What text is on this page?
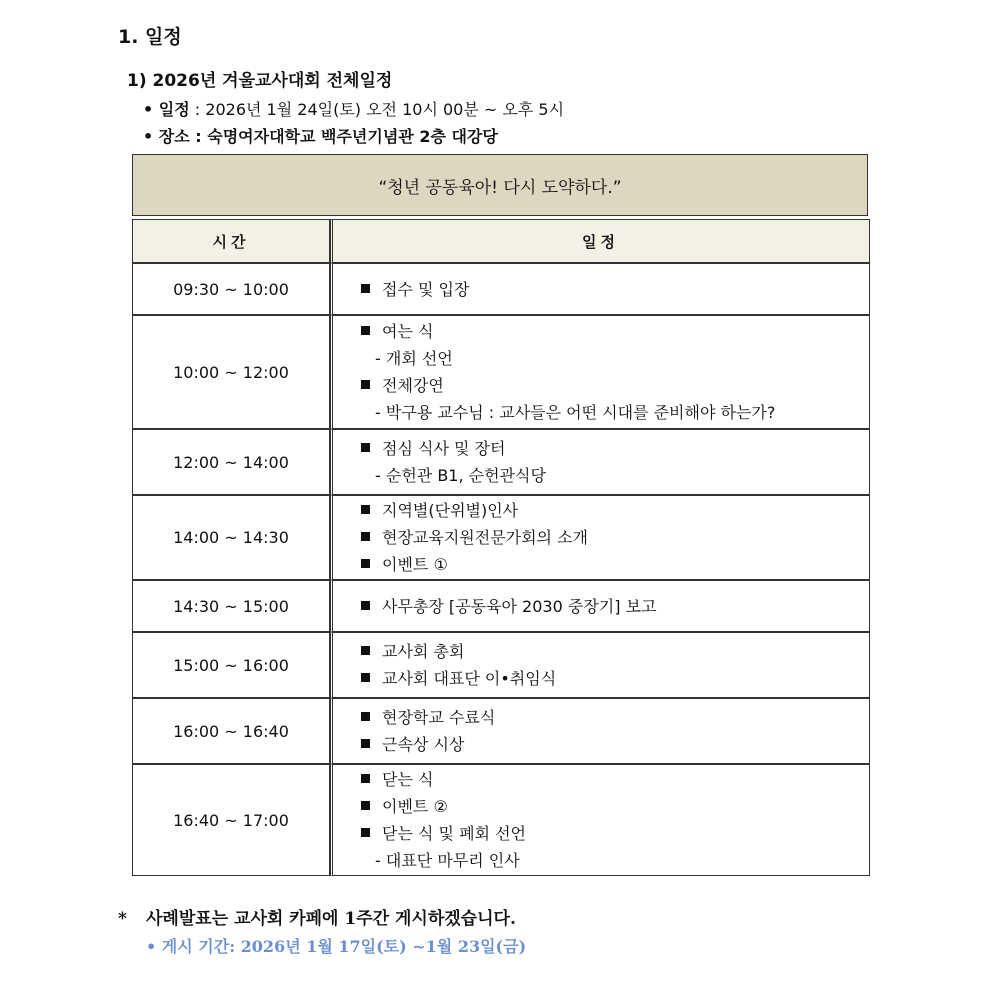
1. 일정
1) 2026년 겨울교사대회 전체일정
• 일정 : 2026년 1월 24일(토) 오전 10시 00분 ~ 오후 5시
• 장소 : 숙명여자대학교 백주년기념관 2층 대강당
“청년 공동육아! 다시 도약하다.”
시간	일정
09:30 ~ 10:00	접수 및 입장

10:00 ~ 12:00	여는 식
- 개회 선언
전체강연
- 박구용 교수님 : 교사들은 어떤 시대를 준비해야 하는가?

12:00 ~ 14:00	점심 식사 및 장터
- 순헌관 B1, 순헌관식당

14:00 ~ 14:30	지역별(단위별)인사
현장교육지원전문가회의 소개
이벤트 ①

14:30 ~ 15:00	사무총장 [공동육아 2030 중장기] 보고

15:00 ~ 16:00	교사회 총회
교사회 대표단 이•취임식

16:00 ~ 16:40	현장학교 수료식
근속상 시상

16:40 ~ 17:00	닫는 식
이벤트 ②
닫는 식 및 폐회 선언
- 대표단 마무리 인사
* 사례발표는 교사회 카페에 1주간 게시하겠습니다.
• 게시 기간: 2026년 1월 17일(토) ~1월 23일(금)
